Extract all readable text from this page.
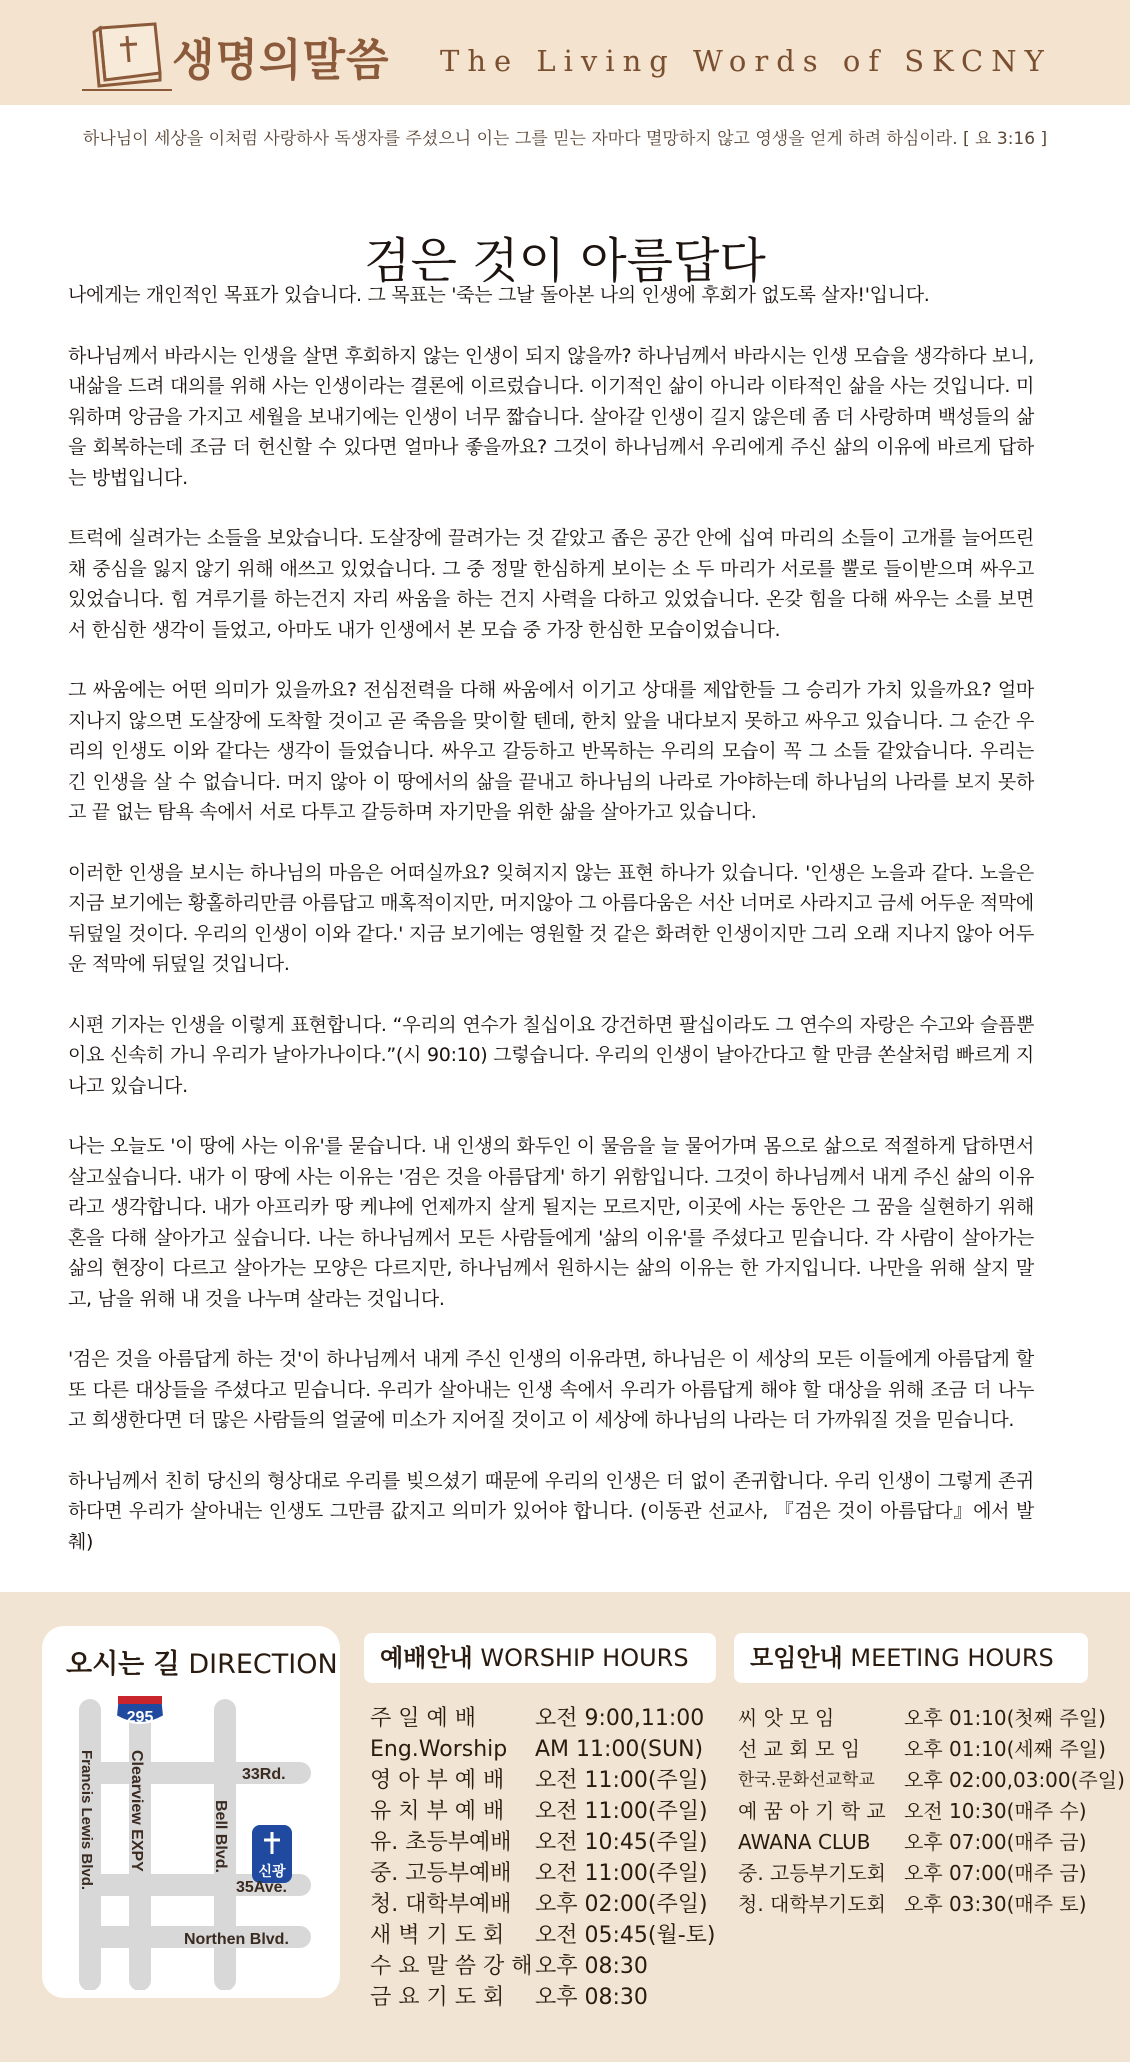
생명의말씀 The Living Words of SKCNY
하나님이 세상을 이처럼 사랑하사 독생자를 주셨으니 이는 그를 믿는 자마다 멸망하지 않고 영생을 얻게 하려 하심이라. [ 요 3:16 ]
검은 것이 아름답다

나에게는 개인적인 목표가 있습니다. 그 목표는 '죽는 그날 돌아본 나의 인생에 후회가 없도록 살자!'입니다.

하나님께서 바라시는 인생을 살면 후회하지 않는 인생이 되지 않을까? 하나님께서 바라시는 인생 모습을 생각하다 보니, 내삶을 드려 대의를 위해 사는 인생이라는 결론에 이르렀습니다. 이기적인 삶이 아니라 이타적인 삶을 사는 것입니다. 미워하며 앙금을 가지고 세월을 보내기에는 인생이 너무 짧습니다. 살아갈 인생이 길지 않은데 좀 더 사랑하며 백성들의 삶을 회복하는데 조금 더 헌신할 수 있다면 얼마나 좋을까요? 그것이 하나님께서 우리에게 주신 삶의 이유에 바르게 답하는 방법입니다.

트럭에 실려가는 소들을 보았습니다. 도살장에 끌려가는 것 같았고 좁은 공간 안에 십여 마리의 소들이 고개를 늘어뜨린 채 중심을 잃지 않기 위해 애쓰고 있었습니다. 그 중 정말 한심하게 보이는 소 두 마리가 서로를 뿔로 들이받으며 싸우고 있었습니다. 힘 겨루기를 하는건지 자리 싸움을 하는 건지 사력을 다하고 있었습니다. 온갖 힘을 다해 싸우는 소를 보면서 한심한 생각이 들었고, 아마도 내가 인생에서 본 모습 중 가장 한심한 모습이었습니다.

그 싸움에는 어떤 의미가 있을까요? 전심전력을 다해 싸움에서 이기고 상대를 제압한들 그 승리가 가치 있을까요? 얼마 지나지 않으면 도살장에 도착할 것이고 곧 죽음을 맞이할 텐데, 한치 앞을 내다보지 못하고 싸우고 있습니다. 그 순간 우리의 인생도 이와 같다는 생각이 들었습니다. 싸우고 갈등하고 반목하는 우리의 모습이 꼭 그 소들 같았습니다. 우리는 긴 인생을 살 수 없습니다. 머지 않아 이 땅에서의 삶을 끝내고 하나님의 나라로 가야하는데 하나님의 나라를 보지 못하고 끝 없는 탐욕 속에서 서로 다투고 갈등하며 자기만을 위한 삶을 살아가고 있습니다.

이러한 인생을 보시는 하나님의 마음은 어떠실까요? 잊혀지지 않는 표현 하나가 있습니다. '인생은 노을과 같다. 노을은 지금 보기에는 황홀하리만큼 아름답고 매혹적이지만, 머지않아 그 아름다움은 서산 너머로 사라지고 금세 어두운 적막에 뒤덮일 것이다. 우리의 인생이 이와 같다.' 지금 보기에는 영원할 것 같은 화려한 인생이지만 그리 오래 지나지 않아 어두운 적막에 뒤덮일 것입니다.

시편 기자는 인생을 이렇게 표현합니다. “우리의 연수가 칠십이요 강건하면 팔십이라도 그 연수의 자랑은 수고와 슬픔뿐이요 신속히 가니 우리가 날아가나이다.”(시 90:10) 그렇습니다. 우리의 인생이 날아간다고 할 만큼 쏜살처럼 빠르게 지나고 있습니다.

나는 오늘도 '이 땅에 사는 이유'를 묻습니다. 내 인생의 화두인 이 물음을 늘 물어가며 몸으로 삶으로 적절하게 답하면서 살고싶습니다. 내가 이 땅에 사는 이유는 '검은 것을 아름답게' 하기 위함입니다. 그것이 하나님께서 내게 주신 삶의 이유라고 생각합니다. 내가 아프리카 땅 케냐에 언제까지 살게 될지는 모르지만, 이곳에 사는 동안은 그 꿈을 실현하기 위해 혼을 다해 살아가고 싶습니다. 나는 하나님께서 모든 사람들에게 '삶의 이유'를 주셨다고 믿습니다. 각 사람이 살아가는 삶의 현장이 다르고 살아가는 모양은 다르지만, 하나님께서 원하시는 삶의 이유는 한 가지입니다. 나만을 위해 살지 말고, 남을 위해 내 것을 나누며 살라는 것입니다.

'검은 것을 아름답게 하는 것'이 하나님께서 내게 주신 인생의 이유라면, 하나님은 이 세상의 모든 이들에게 아름답게 할 또 다른 대상들을 주셨다고 믿습니다. 우리가 살아내는 인생 속에서 우리가 아름답게 해야 할 대상을 위해 조금 더 나누고 희생한다면 더 많은 사람들의 얼굴에 미소가 지어질 것이고 이 세상에 하나님의 나라는 더 가까워질 것을 믿습니다.

하나님께서 친히 당신의 형상대로 우리를 빚으셨기 때문에 우리의 인생은 더 없이 존귀합니다. 우리 인생이 그렇게 존귀하다면 우리가 살아내는 인생도 그만큼 값지고 의미가 있어야 합니다. (이동관 선교사, 『검은 것이 아름답다』에서 발췌)

오시는 길 DIRECTION
295
신광
33Rd.
35Ave.
Northen Blvd.
Bell Blvd.
Clearview EXPY
Francis Lewis Blvd.
예배안내 WORSHIP HOURS
주 일 예 배	오전 9:00,11:00
Eng.Worship	AM 11:00(SUN)
영 아 부 예 배	오전 11:00(주일)
유 치 부 예 배	오전 11:00(주일)
유. 초등부예배	오전 10:45(주일)
중. 고등부예배	오전 11:00(주일)
청. 대학부예배	오후 02:00(주일)
새 벽 기 도 회	오전 05:45(월-토)
수 요 말 씀 강 해 오후 08:30
금 요 기 도 회	오후 08:30
모임안내 MEETING HOURS
씨 앗 모 임	오후 01:10(첫째 주일)
선 교 회 모 임	오후 01:10(세째 주일)
한국.문화선교학교	오후 02:00,03:00(주일)
예 꿈 아 기 학 교 오전 10:30(매주 수)
AWANA CLUB	오후 07:00(매주 금)
중. 고등부기도회 오후 07:00(매주 금)
청. 대학부기도회 오후 03:30(매주 토)
